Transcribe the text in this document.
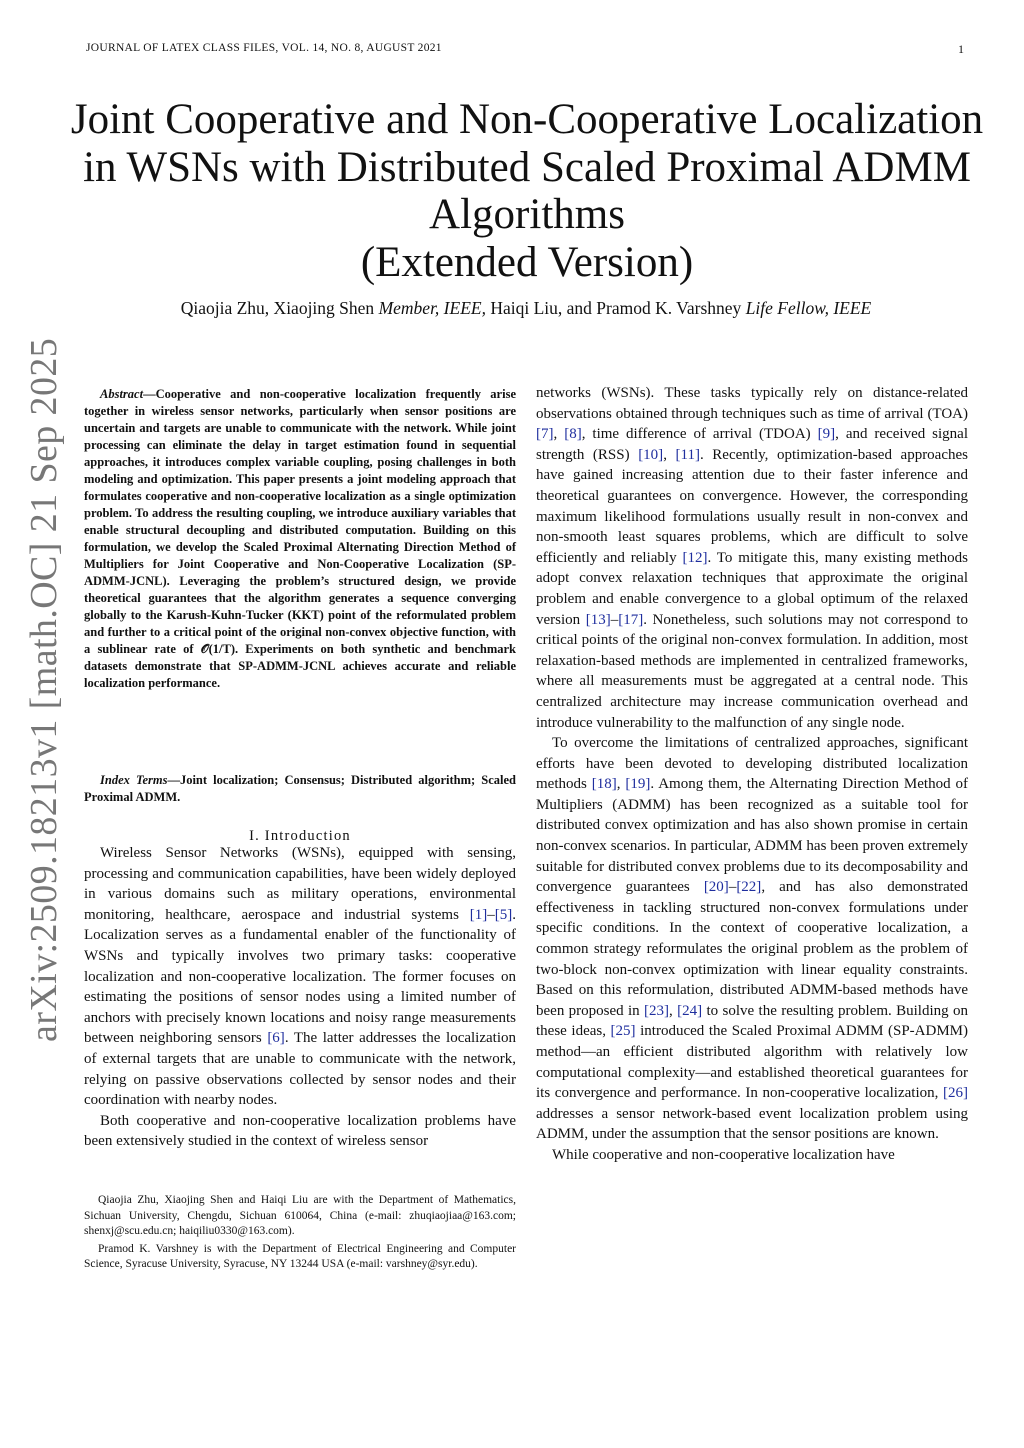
JOURNAL OF LATEX CLASS FILES, VOL. 14, NO. 8, AUGUST 2021	1
arXiv:2509.18213v1 [math.OC] 21 Sep 2025
Joint Cooperative and Non-Cooperative Localization
in WSNs with Distributed Scaled Proximal ADMM
Algorithms
(Extended Version)
Qiaojia Zhu, Xiaojing Shen Member, IEEE, Haiqi Liu, and Pramod K. Varshney Life Fellow, IEEE

Abstract—Cooperative and non-cooperative localization frequently arise together in wireless sensor networks, particularly when sensor positions are uncertain and targets are unable to communicate with the network. While joint processing can eliminate the delay in target estimation found in sequential approaches, it introduces complex variable coupling, posing challenges in both modeling and optimization. This paper presents a joint modeling approach that formulates cooperative and non-cooperative localization as a single optimization problem. To address the resulting coupling, we introduce auxiliary variables that enable structural decoupling and distributed computation. Building on this formulation, we develop the Scaled Proximal Alternating Direction Method of Multipliers for Joint Cooperative and Non-Cooperative Localization (SP-ADMM-JCNL). Leveraging the problem’s structured design, we provide theoretical guarantees that the algorithm generates a sequence converging globally to the Karush-Kuhn-Tucker (KKT) point of the reformulated problem and further to a critical point of the original non-convex objective function, with a sublinear rate of 𝒪(1/T). Experiments on both synthetic and benchmark datasets demonstrate that SP-ADMM-JCNL achieves accurate and reliable localization performance.

Index Terms—Joint localization; Consensus; Distributed algorithm; Scaled Proximal ADMM.

I. Introduction

Wireless Sensor Networks (WSNs), equipped with sensing, processing and communication capabilities, have been widely deployed in various domains such as military operations, environmental monitoring, healthcare, aerospace and industrial systems [1]–[5]. Localization serves as a fundamental enabler of the functionality of WSNs and typically involves two primary tasks: cooperative localization and non-cooperative localization. The former focuses on estimating the positions of sensor nodes using a limited number of anchors with precisely known locations and noisy range measurements between neighboring sensors [6]. The latter addresses the localization of external targets that are unable to communicate with the network, relying on passive observations collected by sensor nodes and their coordination with nearby nodes.

Both cooperative and non-cooperative localization problems have been extensively studied in the context of wireless sensor

Qiaojia Zhu, Xiaojing Shen and Haiqi Liu are with the Department of Mathematics, Sichuan University, Chengdu, Sichuan 610064, China (e-mail: zhuqiaojiaa@163.com; shenxj@scu.edu.cn; haiqiliu0330@163.com).

Pramod K. Varshney is with the Department of Electrical Engineering and Computer Science, Syracuse University, Syracuse, NY 13244 USA (e-mail: varshney@syr.edu).

networks (WSNs). These tasks typically rely on distance-related observations obtained through techniques such as time of arrival (TOA) [7], [8], time difference of arrival (TDOA) [9], and received signal strength (RSS) [10], [11]. Recently, optimization-based approaches have gained increasing attention due to their faster inference and theoretical guarantees on convergence. However, the corresponding maximum likelihood formulations usually result in non-convex and non-smooth least squares problems, which are difficult to solve efficiently and reliably [12]. To mitigate this, many existing methods adopt convex relaxation techniques that approximate the original problem and enable convergence to a global optimum of the relaxed version [13]–[17]. Nonetheless, such solutions may not correspond to critical points of the original non-convex formulation. In addition, most relaxation-based methods are implemented in centralized frameworks, where all measurements must be aggregated at a central node. This centralized architecture may increase communication overhead and introduce vulnerability to the malfunction of any single node.

To overcome the limitations of centralized approaches, significant efforts have been devoted to developing distributed localization methods [18], [19]. Among them, the Alternating Direction Method of Multipliers (ADMM) has been recognized as a suitable tool for distributed convex optimization and has also shown promise in certain non-convex scenarios. In particular, ADMM has been proven extremely suitable for distributed convex problems due to its decomposability and convergence guarantees [20]–[22], and has also demonstrated effectiveness in tackling structured non-convex formulations under specific conditions. In the context of cooperative localization, a common strategy reformulates the original problem as the problem of two-block non-convex optimization with linear equality constraints. Based on this reformulation, distributed ADMM-based methods have been proposed in [23], [24] to solve the resulting problem. Building on these ideas, [25] introduced the Scaled Proximal ADMM (SP-ADMM) method—an efficient distributed algorithm with relatively low computational complexity—and established theoretical guarantees for its convergence and performance. In non-cooperative localization, [26] addresses a sensor network-based event localization problem using ADMM, under the assumption that the sensor positions are known.

While cooperative and non-cooperative localization have
